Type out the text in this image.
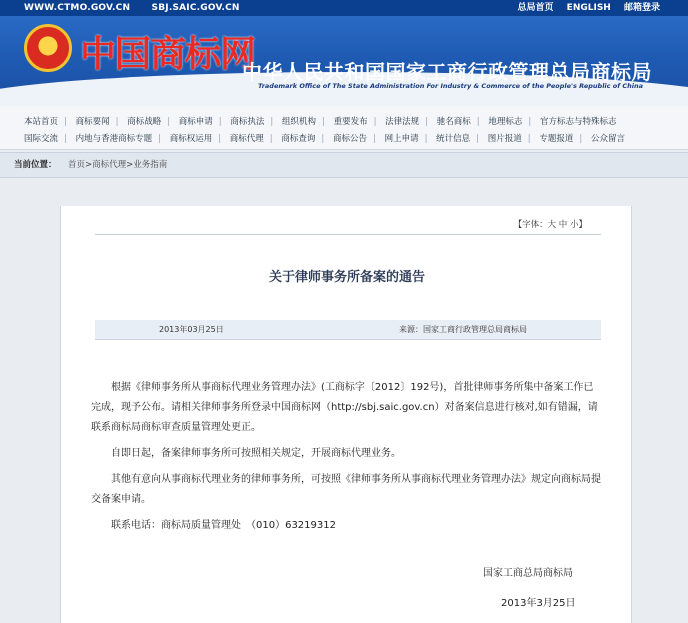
WWW.CTMO.GOV.CN SBJ.SAIC.GOV.CN	总局首页 ENGLISH 邮箱登录
★ 中国商标网
中华人民共和国国家工商行政管理总局商标局
Trademark Office of The State Administration For Industry & Commerce of the People's Republic of China
本站首页 | 商标要闻 | 商标战略 | 商标申请 | 商标执法 | 组织机构 | 重要发布 | 法律法规 | 驰名商标 | 地理标志 | 官方标志与特殊标志
国际交流 | 内地与香港商标专题 | 商标权运用 | 商标代理 | 商标查询 | 商标公告 | 网上申请 | 统计信息 | 图片报道 | 专题报道 | 公众留言
当前位置： 首页>商标代理>业务指南
【字体：大 中 小】
关于律师事务所备案的通告
2013年03月25日	来源：国家工商行政管理总局商标局

根据《律师事务所从事商标代理业务管理办法》(工商标字〔2012〕192号)，首批律师事务所集中备案工作已完成，现予公布。请相关律师事务所登录中国商标网（http://sbj.saic.gov.cn）对备案信息进行核对,如有错漏，请联系商标局商标审查质量管理处更正。

自即日起，备案律师事务所可按照相关规定，开展商标代理业务。

其他有意向从事商标代理业务的律师事务所，可按照《律师事务所从事商标代理业务管理办法》规定向商标局提交备案申请。

联系电话：商标局质量管理处　（010）63219312

国家工商总局商标局
2013年3月25日
